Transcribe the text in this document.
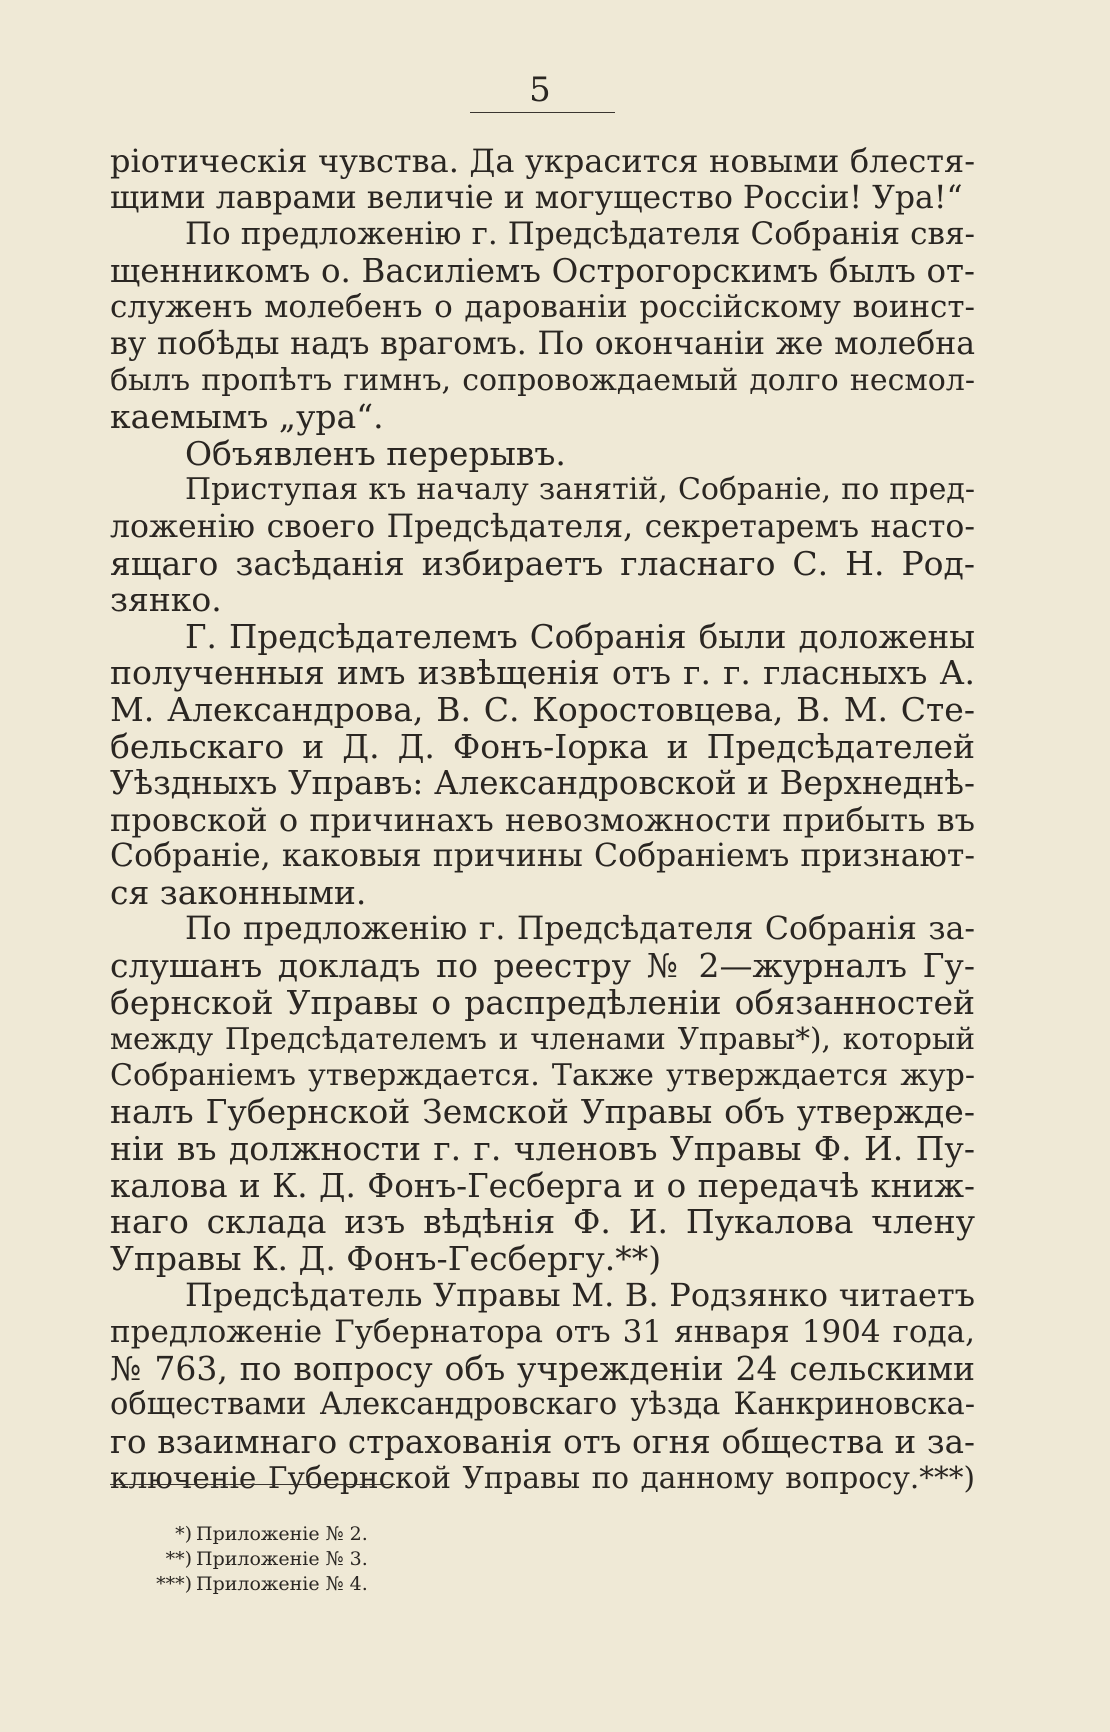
5
ріотическія чувства. Да украсится новыми блестя-
щими лаврами величіе и могущество Россіи! Ура!“
По предложенію г. Предсѣдателя Собранія свя-
щенникомъ о. Василіемъ Острогорскимъ былъ от-
служенъ молебенъ о дарованіи россійскому воинст-
ву побѣды надъ врагомъ. По окончаніи же молебна
былъ пропѣтъ гимнъ, сопровождаемый долго несмол-
каемымъ „ура“.
Объявленъ перерывъ.
Приступая къ началу занятій, Собраніе, по пред-
ложенію своего Предсѣдателя, секретаремъ насто-
ящаго засѣданія избираетъ гласнаго С. Н. Род-
зянко.
Г. Предсѣдателемъ Собранія были доложены
полученныя имъ извѣщенія отъ г. г. гласныхъ А.
М. Александрова, В. С. Коростовцева, В. М. Сте-
бельскаго и Д. Д. Фонъ-Іорка и Предсѣдателей
Уѣздныхъ Управъ: Александровской и Верхнеднѣ-
провской о причинахъ невозможности прибыть въ
Собраніе, каковыя причины Собраніемъ признают-
ся законными.
По предложенію г. Предсѣдателя Собранія за-
слушанъ докладъ по реестру № 2—журналъ Гу-
бернской Управы о распредѣленіи обязанностей
между Предсѣдателемъ и членами Управы*), который
Собраніемъ утверждается. Также утверждается жур-
налъ Губернской Земской Управы объ утвержде-
ніи въ должности г. г. членовъ Управы Ф. И. Пу-
калова и К. Д. Фонъ-Гесберга и о передачѣ книж-
наго склада изъ вѣдѣнія Ф. И. Пукалова члену
Управы К. Д. Фонъ-Гесбергу.**)
Предсѣдатель Управы М. В. Родзянко читаетъ
предложеніе Губернатора отъ 31 января 1904 года,
№ 763, по вопросу объ учрежденіи 24 сельскими
обществами Александровскаго уѣзда Канкриновска-
го взаимнаго страхованія отъ огня общества и за-
ключеніе Губернской Управы по данному вопросу.***)
*) Приложеніе № 2.
**) Приложеніе № 3.
***) Приложеніе № 4.
